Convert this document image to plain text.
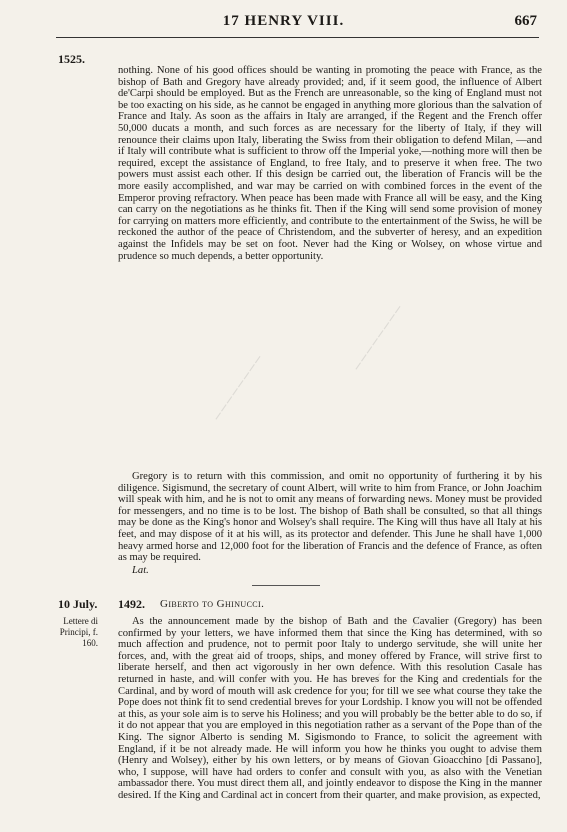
17 HENRY VIII.	667
1525.

nothing. None of his good offices should be wanting in promoting the peace with France, as the bishop of Bath and Gregory have already provided; and, if it seem good, the influence of Albert de'Carpi should be employed. But as the French are unreasonable, so the king of England must not be too exacting on his side, as he cannot be engaged in anything more glorious than the salvation of France and Italy. As soon as the affairs in Italy are arranged, if the Regent and the French offer 50,000 ducats a month, and such forces as are necessary for the liberty of Italy, if they will renounce their claims upon Italy, liberating the Swiss from their obligation to defend Milan, —and if Italy will contribute what is sufficient to throw off the Imperial yoke,—nothing more will then be required, except the assistance of England, to free Italy, and to preserve it when free. The two powers must assist each other. If this design be carried out, the liberation of Francis will be the more easily accomplished, and war may be carried on with combined forces in the event of the Emperor proving refractory. When peace has been made with France all will be easy, and the King can carry on the negotiations as he thinks fit. Then if the King will send some provision of money for carrying on matters more efficiently, and contribute to the entertainment of the Swiss, he will be reckoned the author of the peace of Christendom, and the subverter of heresy, and an expedition against the Infidels may be set on foot. Never had the King or Wolsey, on whose virtue and prudence so much depends, a better opportunity.

Gregory is to return with this commission, and omit no opportunity of furthering it by his diligence. Sigismund, the secretary of count Albert, will write to him from France, or John Joachim will speak with him, and he is not to omit any means of forwarding news. Money must be provided for messengers, and no time is to be lost. The bishop of Bath shall be consulted, so that all things may be done as the King's honor and Wolsey's shall require. The King will thus have all Italy at his feet, and may dispose of it at his will, as its protector and defender. This June he shall have 1,000 heavy armed horse and 12,000 foot for the liberation of Francis and the defence of France, as often as may be required.

Lat.
10 July. 1492. Giberto to Ghinucci.
Lettere di Principi, f. 160.

As the announcement made by the bishop of Bath and the Cavalier (Gregory) has been confirmed by your letters, we have informed them that since the King has determined, with so much affection and prudence, not to permit poor Italy to undergo servitude, she will unite her forces, and, with the great aid of troops, ships, and money offered by France, will strive first to liberate herself, and then act vigorously in her own defence. With this resolution Casale has returned in haste, and will confer with you. He has breves for the King and credentials for the Cardinal, and by word of mouth will ask credence for you; for till we see what course they take the Pope does not think fit to send credential breves for your Lordship. I know you will not be offended at this, as your sole aim is to serve his Holiness; and you will probably be the better able to do so, if it do not appear that you are employed in this negotiation rather as a servant of the Pope than of the King. The signor Alberto is sending M. Sigismondo to France, to solicit the agreement with England, if it be not already made. He will inform you how he thinks you ought to advise them (Henry and Wolsey), either by his own letters, or by means of Giovan Gioacchino [di Passano], who, I suppose, will have had orders to confer and consult with you, as also with the Venetian ambassador there. You must direct them all, and jointly endeavor to dispose the King in the manner desired. If the King and Cardinal act in concert from their quarter, and make provision, as expected,

────────
────────
────────	────────
